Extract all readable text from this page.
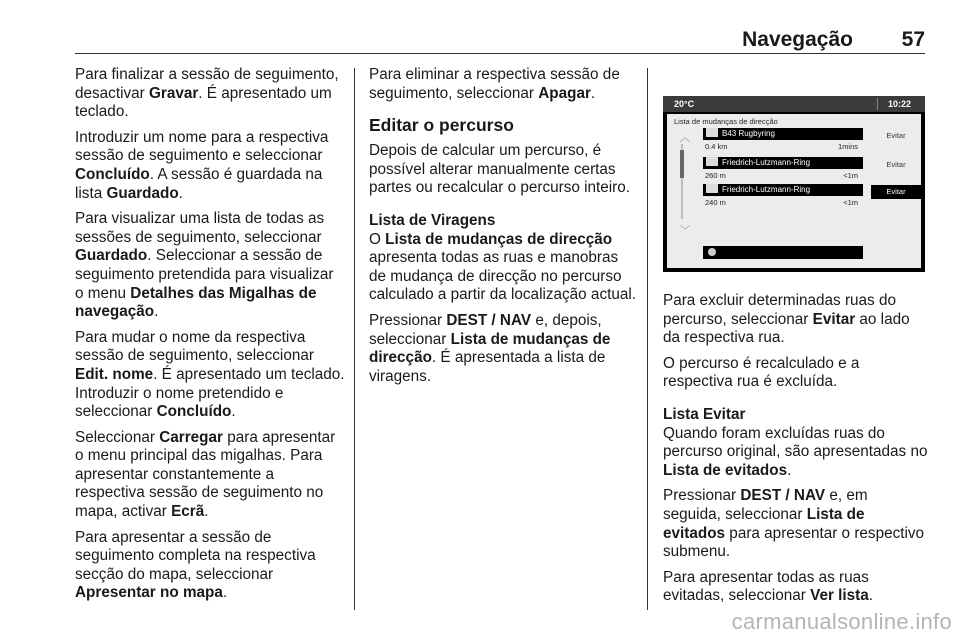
Navegação 57

Para finalizar a sessão de seguimento, desactivar Gravar. É apresentado um teclado.

Introduzir um nome para a respectiva sessão de seguimento e seleccionar Concluído. A sessão é guardada na lista Guardado.

Para visualizar uma lista de todas as sessões de seguimento, seleccionar Guardado. Seleccionar a sessão de seguimento pretendida para visualizar o menu Detalhes das Migalhas de navegação.

Para mudar o nome da respectiva sessão de seguimento, seleccionar Edit. nome. É apresentado um teclado. Introduzir o nome pretendido e seleccionar Concluído.

Seleccionar Carregar para apresentar o menu principal das migalhas. Para apresentar constantemente a respectiva sessão de seguimento no mapa, activar Ecrã.

Para apresentar a sessão de seguimento completa na respectiva secção do mapa, seleccionar Apresentar no mapa.

Para eliminar a respectiva sessão de seguimento, seleccionar Apagar.

Editar o percurso

Depois de calcular um percurso, é possível alterar manualmente certas partes ou recalcular o percurso inteiro.

Lista de Viragens

O Lista de mudanças de direcção apresenta todas as ruas e manobras de mudança de direcção no percurso calculado a partir da localização actual.

Pressionar DEST / NAV e, depois, seleccionar Lista de mudanças de direcção. É apresentada a lista de viragens.

20°C	10:22
Lista de mudanças de direcção
︿
﹀
B43 Rugbyring
0.4 km	1mins
Evitar
Friedrich-Lutzmann-Ring
260 m	<1m
Evitar
Friedrich-Lutzmann-Ring
240 m	<1m
Evitar

Para excluir determinadas ruas do percurso, seleccionar Evitar ao lado da respectiva rua.

O percurso é recalculado e a respectiva rua é excluída.

Lista Evitar

Quando foram excluídas ruas do percurso original, são apresentadas no Lista de evitados.

Pressionar DEST / NAV e, em seguida, seleccionar Lista de evitados para apresentar o respectivo submenu.

Para apresentar todas as ruas evitadas, seleccionar Ver lista.

carmanualsonline.info
